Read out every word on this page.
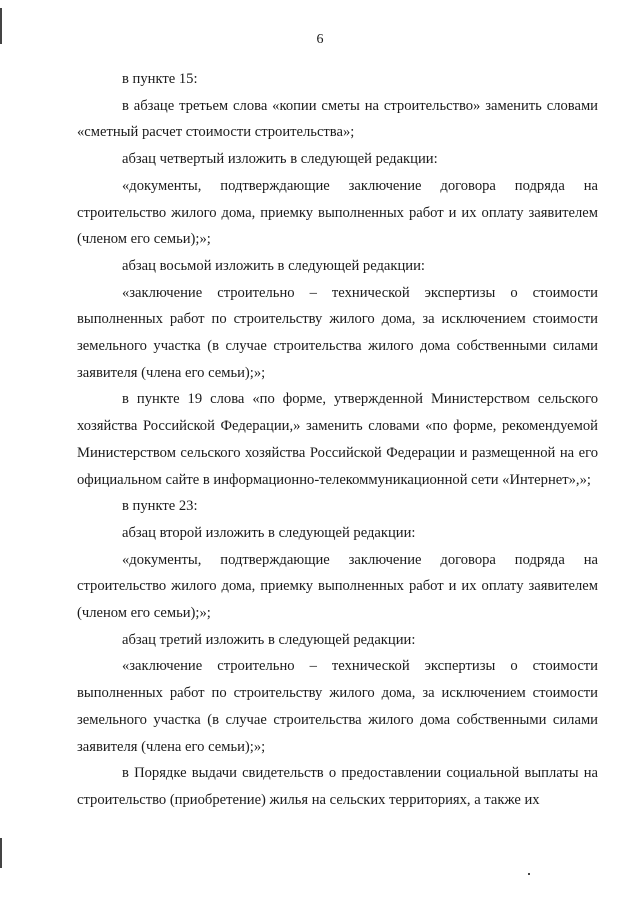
6

в пункте 15:

в абзаце третьем слова «копии сметы на строительство» заменить словами «сметный расчет стоимости строительства»;

абзац четвертый изложить в следующей редакции:

«документы, подтверждающие заключение договора подряда на строительство жилого дома, приемку выполненных работ и их оплату заявителем (членом его семьи);»;

абзац восьмой изложить в следующей редакции:

«заключение строительно – технической экспертизы о стоимости выполненных работ по строительству жилого дома, за исключением стоимости земельного участка (в случае строительства жилого дома собственными силами заявителя (члена его семьи);»;

в пункте 19 слова «по форме, утвержденной Министерством сельского хозяйства Российской Федерации,» заменить словами «по форме, рекомендуемой Министерством сельского хозяйства Российской Федерации и размещенной на его официальном сайте в информационно-телекоммуникационной сети «Интернет»,»;

в пункте 23:

абзац второй изложить в следующей редакции:

«документы, подтверждающие заключение договора подряда на строительство жилого дома, приемку выполненных работ и их оплату заявителем (членом его семьи);»;

абзац третий изложить в следующей редакции:

«заключение строительно – технической экспертизы о стоимости выполненных работ по строительству жилого дома, за исключением стоимости земельного участка (в случае строительства жилого дома собственными силами заявителя (члена его семьи);»;

в Порядке выдачи свидетельств о предоставлении социальной выплаты на строительство (приобретение) жилья на сельских территориях, а также их
